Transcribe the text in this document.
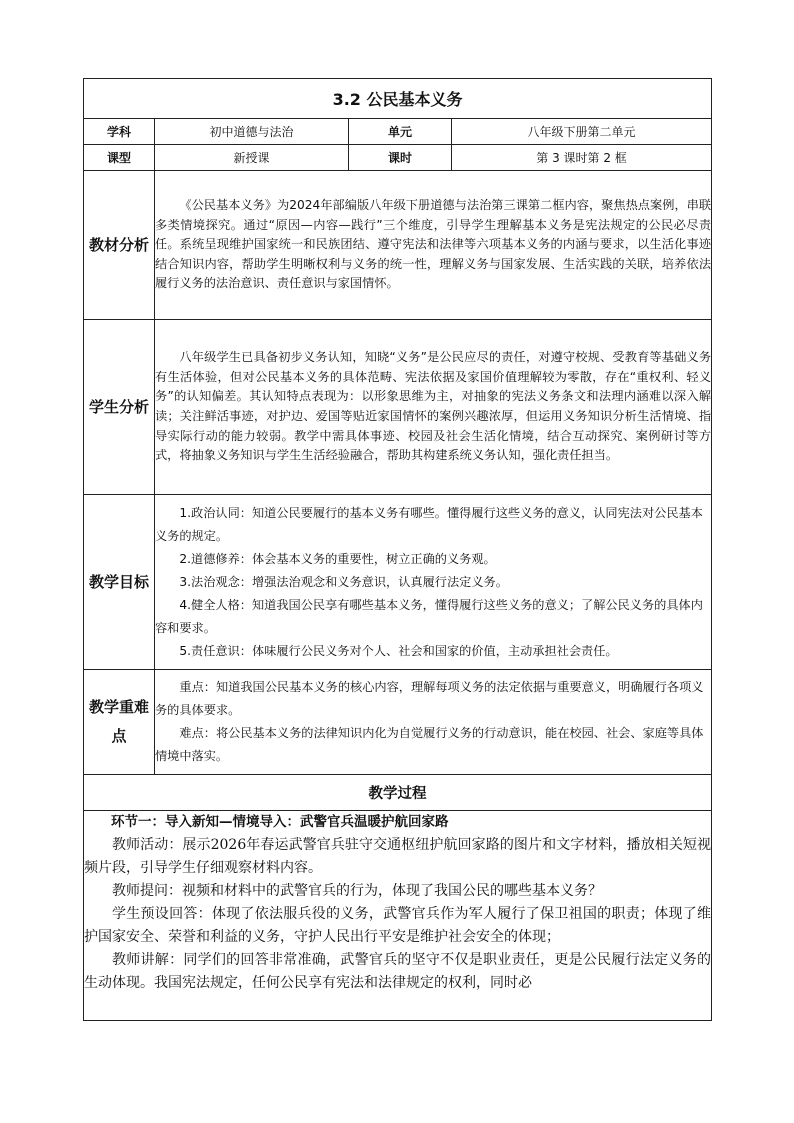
3.2 公民基本义务			
学科	初中道德与法治	单元	八年级下册第二单元
课型	新授课	课时	第 3 课时第 2 框
教材分析	《公民基本义务》为2024年部编版八年级下册道德与法治第三课第二框内容，聚焦热点案例，串联多类情境探究。通过“原因—内容—践行”三个维度，引导学生理解基本义务是宪法规定的公民必尽责任。系统呈现维护国家统一和民族团结、遵守宪法和法律等六项基本义务的内涵与要求，以生活化事迹结合知识内容，帮助学生明晰权利与义务的统一性，理解义务与国家发展、生活实践的关联，培养依法履行义务的法治意识、责任意识与家国情怀。		

学生分析	八年级学生已具备初步义务认知，知晓“义务”是公民应尽的责任，对遵守校规、受教育等基础义务有生活体验，但对公民基本义务的具体范畴、宪法依据及家国价值理解较为零散，存在“重权利、轻义务”的认知偏差。其认知特点表现为：以形象思维为主，对抽象的宪法义务条文和法理内涵难以深入解读；关注鲜活事迹，对护边、爱国等贴近家国情怀的案例兴趣浓厚，但运用义务知识分析生活情境、指导实际行动的能力较弱。教学中需具体事迹、校园及社会生活化情境，结合互动探究、案例研讨等方式，将抽象义务知识与学生生活经验融合，帮助其构建系统义务认知，强化责任担当。		

教学目标	1.政治认同：知道公民要履行的基本义务有哪些。懂得履行这些义务的意义，认同宪法对公民基本义务的规定。

2.道德修养：体会基本义务的重要性，树立正确的义务观。

3.法治观念：增强法治观念和义务意识，认真履行法定义务。

4.健全人格：知道我国公民享有哪些基本义务，懂得履行这些义务的意义；了解公民义务的具体内容和要求。

5.责任意识：体味履行公民义务对个人、社会和国家的价值，主动承担社会责任。		

教学重难点	重点：知道我国公民基本义务的核心内容，理解每项义务的法定依据与重要意义，明确履行各项义务的具体要求。

难点：将公民基本义务的法律知识内化为自觉履行义务的行动意识，能在校园、社会、家庭等具体情境中落实。		

教学过程			

环节一：导入新知—情境导入：武警官兵温暖护航回家路

教师活动：展示2026年春运武警官兵驻守交通枢纽护航回家路的图片和文字材料，播放相关短视频片段，引导学生仔细观察材料内容。

教师提问：视频和材料中的武警官兵的行为，体现了我国公民的哪些基本义务？

学生预设回答：体现了依法服兵役的义务，武警官兵作为军人履行了保卫祖国的职责；体现了维护国家安全、荣誉和利益的义务，守护人民出行平安是维护社会安全的体现；

教师讲解：同学们的回答非常准确，武警官兵的坚守不仅是职业责任，更是公民履行法定义务的生动体现。我国宪法规定，任何公民享有宪法和法律规定的权利，同时必			
